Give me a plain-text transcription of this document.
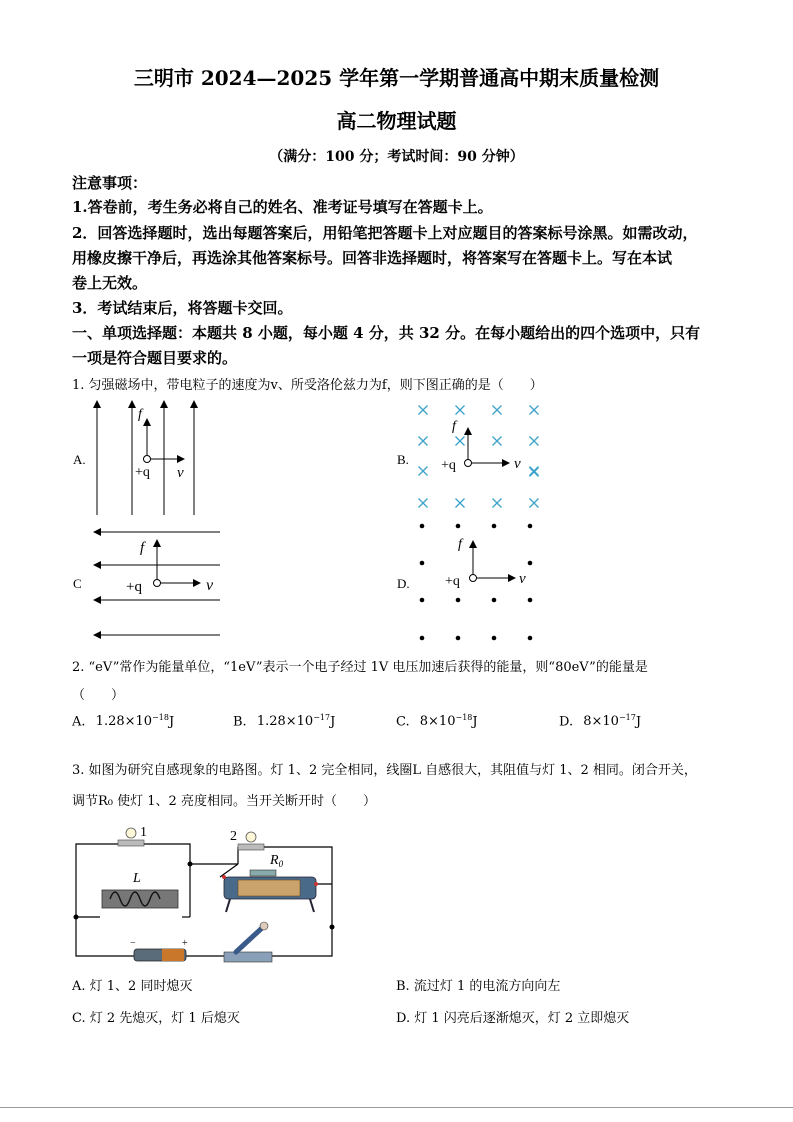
三明市 2024—2025 学年第一学期普通高中期末质量检测
高二物理试题
（满分：100 分；考试时间：90 分钟）
注意事项：
1.答卷前，考生务必将自己的姓名、准考证号填写在答题卡上。
2．回答选择题时，选出每题答案后，用铅笔把答题卡上对应题目的答案标号涂黑。如需改动，
用橡皮擦干净后，再选涂其他答案标号。回答非选择题时，将答案写在答题卡上。写在本试
卷上无效。
3．考试结束后，将答题卡交回。
一、单项选择题：本题共 8 小题，每小题 4 分，共 32 分。在每小题给出的四个选项中，只有
一项是符合题目要求的。
1. 匀强磁场中，带电粒子的速度为v、所受洛伦兹力为f，则下图正确的是（　　）
A.
f
+q v
B.
f
+q	v
C
f
+q	v	D.
f
+q	v
2. “eV”常作为能量单位，“1eV”表示一个电子经过 1V 电压加速后获得的能量，则“80eV”的能量是
（　　）
A. $1.28\times 10^{-18}J$	B. $1.28\times 10^{-17}J$	C. $8\times 10^{-18}J$	D. $8\times 10^{-17}J$
3. 如图为研究自感现象的电路图。灯 1、2 完全相同，线圈L 自感很大，其阻值与灯 1、2 相同。闭合开关，
调节R₀ 使灯 1、2 亮度相同。当开关断开时（　　）
1	2
L
$R_0$
−	+
A. 灯 1、2 同时熄灭	B. 流过灯 1 的电流方向向左
C. 灯 2 先熄灭，灯 1 后熄灭	D. 灯 1 闪亮后逐渐熄灭，灯 2 立即熄灭
